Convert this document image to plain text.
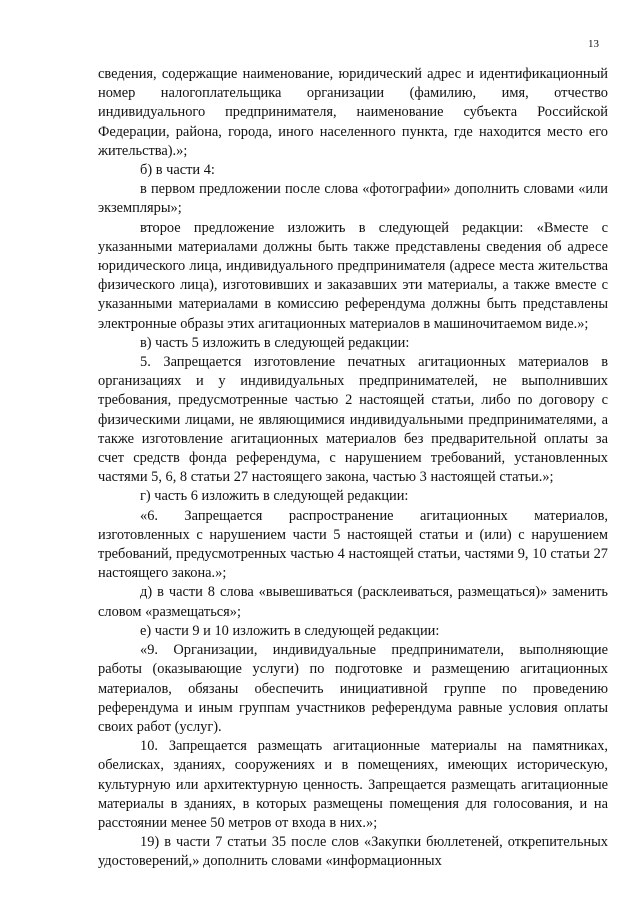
13

сведения, содержащие наименование, юридический адрес и идентификационный номер налогоплательщика организации (фамилию, имя, отчество индивидуального предпринимателя, наименование субъекта Российской Федерации, района, города, иного населенного пункта, где находится место его жительства).»;

б) в части 4:

в первом предложении после слова «фотографии» дополнить словами «или экземпляры»;

второе предложение изложить в следующей редакции: «Вместе с указанными материалами должны быть также представлены сведения об адресе юридического лица, индивидуального предпринимателя (адресе места жительства физического лица), изготовивших и заказавших эти материалы, а также вместе с указанными материалами в комиссию референдума должны быть представлены электронные образы этих агитационных материалов в машиночитаемом виде.»;

в) часть 5 изложить в следующей редакции:

5. Запрещается изготовление печатных агитационных материалов в организациях и у индивидуальных предпринимателей, не выполнивших требования, предусмотренные частью 2 настоящей статьи, либо по договору с физическими лицами, не являющимися индивидуальными предпринимателями, а также изготовление агитационных материалов без предварительной оплаты за счет средств фонда референдума, с нарушением требований, установленных частями 5, 6, 8 статьи 27 настоящего закона, частью 3 настоящей статьи.»;

г) часть 6 изложить в следующей редакции:

«6. Запрещается распространение агитационных материалов, изготовленных с нарушением части 5 настоящей статьи и (или) с нарушением требований, предусмотренных частью 4 настоящей статьи, частями 9, 10 статьи 27 настоящего закона.»;

д) в части 8 слова «вывешиваться (расклеиваться, размещаться)» заменить словом «размещаться»;

е) части 9 и 10 изложить в следующей редакции:

«9. Организации, индивидуальные предприниматели, выполняющие работы (оказывающие услуги) по подготовке и размещению агитационных материалов, обязаны обеспечить инициативной группе по проведению референдума и иным группам участников референдума равные условия оплаты своих работ (услуг).

10. Запрещается размещать агитационные материалы на памятниках, обелисках, зданиях, сооружениях и в помещениях, имеющих историческую, культурную или архитектурную ценность. Запрещается размещать агитационные материалы в зданиях, в которых размещены помещения для голосования, и на расстоянии менее 50 метров от входа в них.»;

19) в части 7 статьи 35 после слов «Закупки бюллетеней, открепительных удостоверений,» дополнить словами «информационных
